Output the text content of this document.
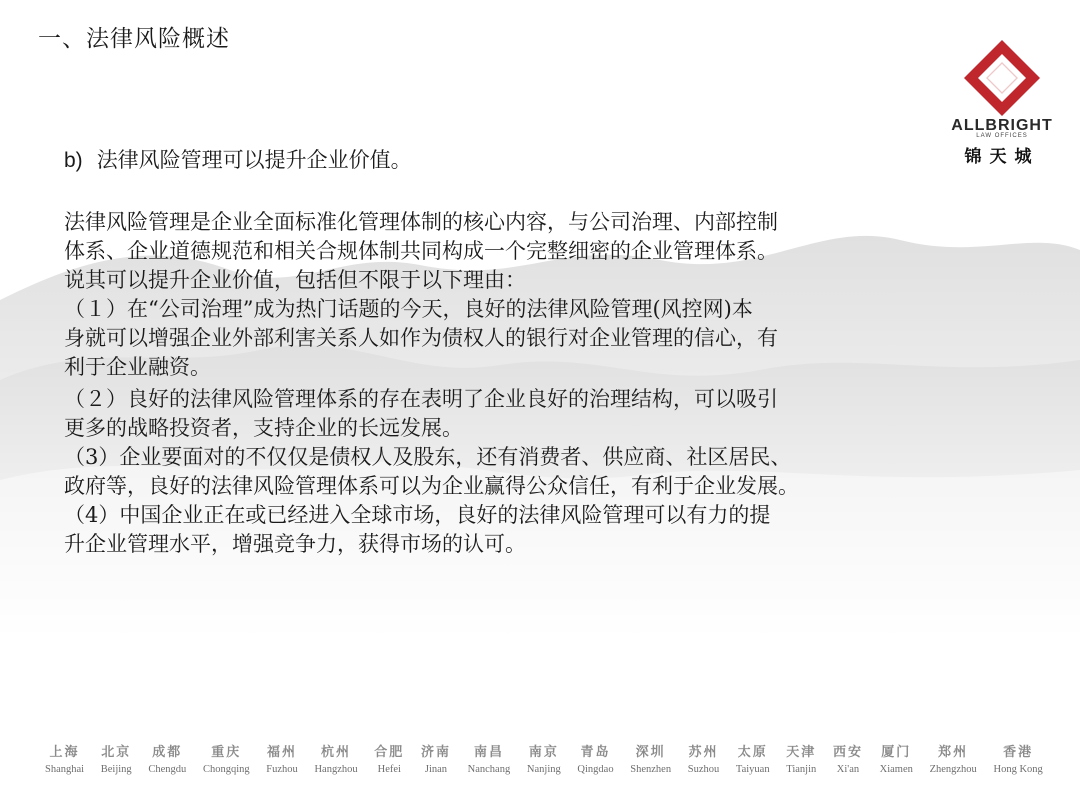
一、法律风险概述
ALLBRIGHT
LAW OFFICES
锦天城

b) 法律风险管理可以提升企业价值。

法律风险管理是企业全面标准化管理体制的核心内容，与公司治理、内部控制
体系、企业道德规范和相关合规体制共同构成一个完整细密的企业管理体系。
说其可以提升企业价值，包括但不限于以下理由：

（１）在“公司治理”成为热门话题的今天，良好的法律风险管理(风控网)本
身就可以增强企业外部利害关系人如作为债权人的银行对企业管理的信心，有
利于企业融资。

（２）良好的法律风险管理体系的存在表明了企业良好的治理结构，可以吸引
更多的战略投资者，支持企业的长远发展。

（3）企业要面对的不仅仅是债权人及股东，还有消费者、供应商、社区居民、
政府等，良好的法律风险管理体系可以为企业赢得公众信任，有利于企业发展。

（4）中国企业正在或已经进入全球市场，良好的法律风险管理可以有力的提
升企业管理水平，增强竞争力，获得市场的认可。

上海
Shanghai
北京
Beijing
成都
Chengdu
重庆
Chongqing
福州
Fuzhou
杭州
Hangzhou
合肥
Hefei
济南
Jinan
南昌
Nanchang
南京
Nanjing
青岛
Qingdao
深圳
Shenzhen
苏州
Suzhou
太原
Taiyuan
天津
Tianjin
西安
Xi'an
厦门
Xiamen
郑州
Zhengzhou
香港
Hong Kong
